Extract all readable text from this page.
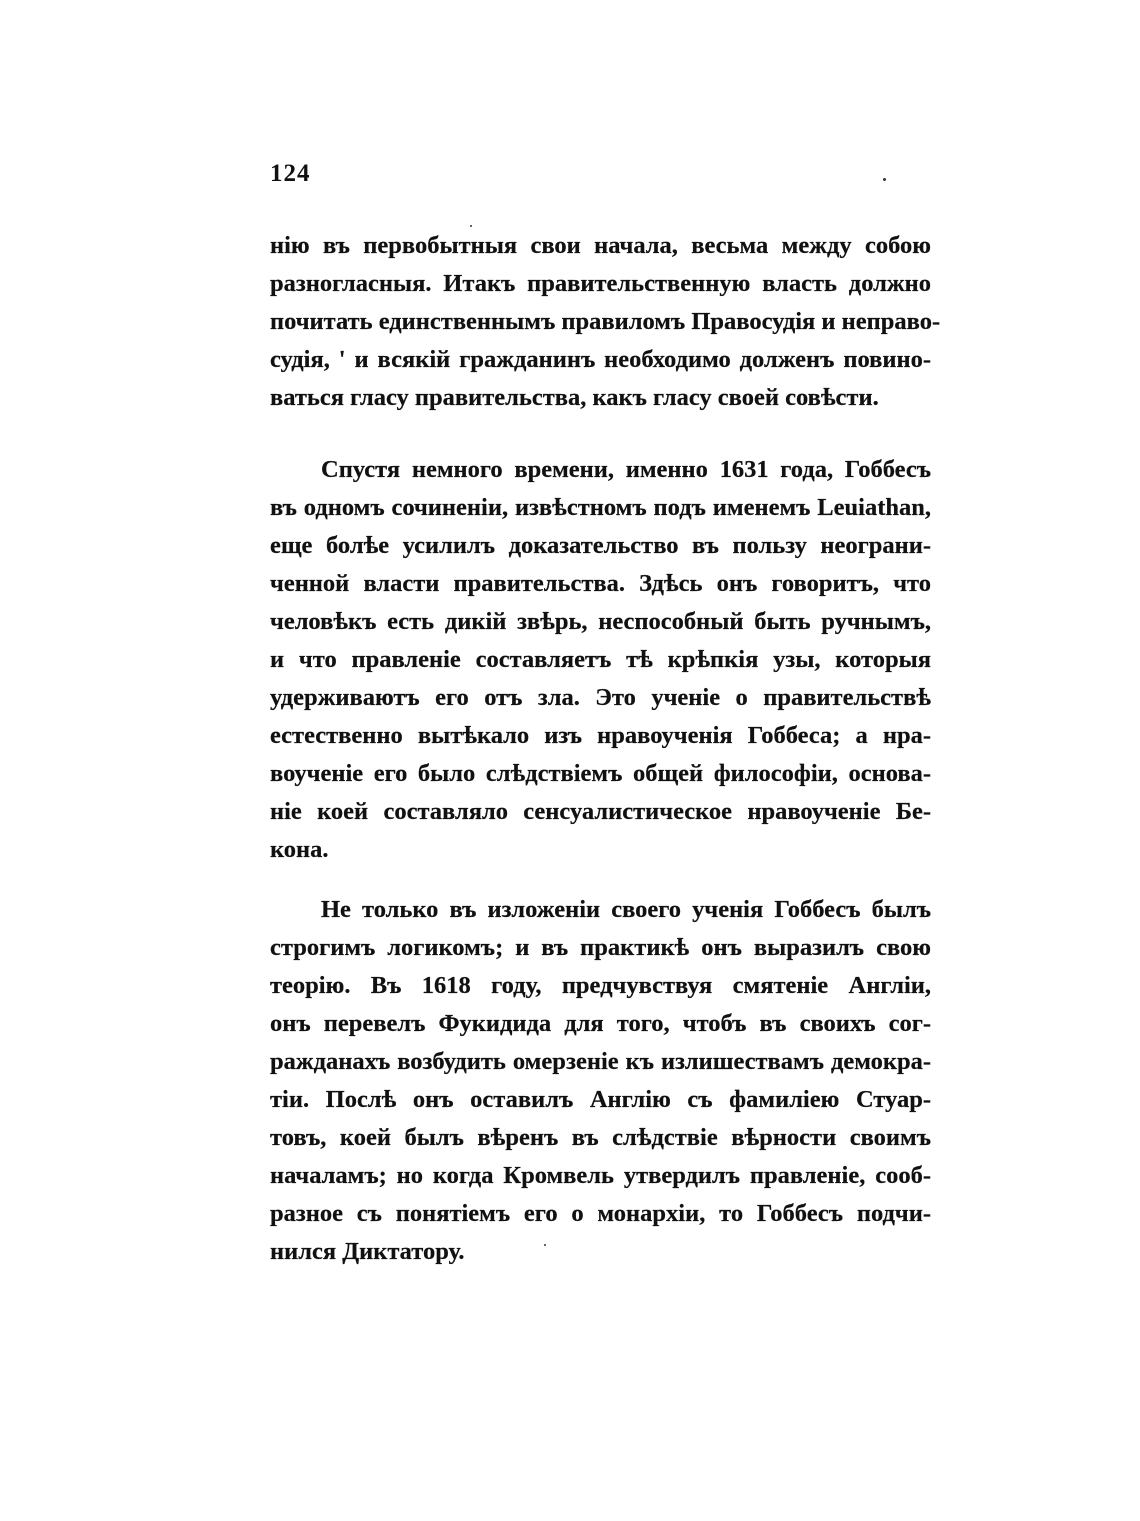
124
нію въ первобытныя свои начала, весьма между собою
разногласныя. Итакъ правительственную власть должно
почитать единственнымъ правиломъ Правосудія и неправо-
судія, ' и всякій гражданинъ необходимо долженъ повино-
ваться гласу правительства, какъ гласу своей совѣсти.
Спустя немного времени, именно 1631 года, Гоббесъ
въ одномъ сочиненіи, извѣстномъ подъ именемъ Leuiathan,
еще болѣе усилилъ доказательство въ пользу неограни-
ченной власти правительства. Здѣсь онъ говоритъ, что
человѣкъ есть дикій звѣрь, неспособный быть ручнымъ,
и что правленіе составляетъ тѣ крѣпкія узы, которыя
удерживаютъ его отъ зла. Это ученіе о правительствѣ
естественно вытѣкало изъ нравоученія Гоббеса; а нра-
воученіе его было слѣдствіемъ общей философіи, основа-
ніе коей составляло сенсуалистическое нравоученіе Бе-
кона.
Не только въ изложеніи своего ученія Гоббесъ былъ
строгимъ логикомъ; и въ практикѣ онъ выразилъ свою
теорію. Въ 1618 году, предчувствуя смятеніе Англіи,
онъ перевелъ Фукидида для того, чтобъ въ своихъ сог-
ражданахъ возбудить омерзеніе къ излишествамъ демокра-
тіи. Послѣ онъ оставилъ Англію съ фамиліею Стуар-
товъ, коей былъ вѣренъ въ слѣдствіе вѣрности своимъ
началамъ; но когда Кромвель утвердилъ правленіе, сооб-
разное съ понятіемъ его о монархіи, то Гоббесъ подчи-
нился Диктатору.
